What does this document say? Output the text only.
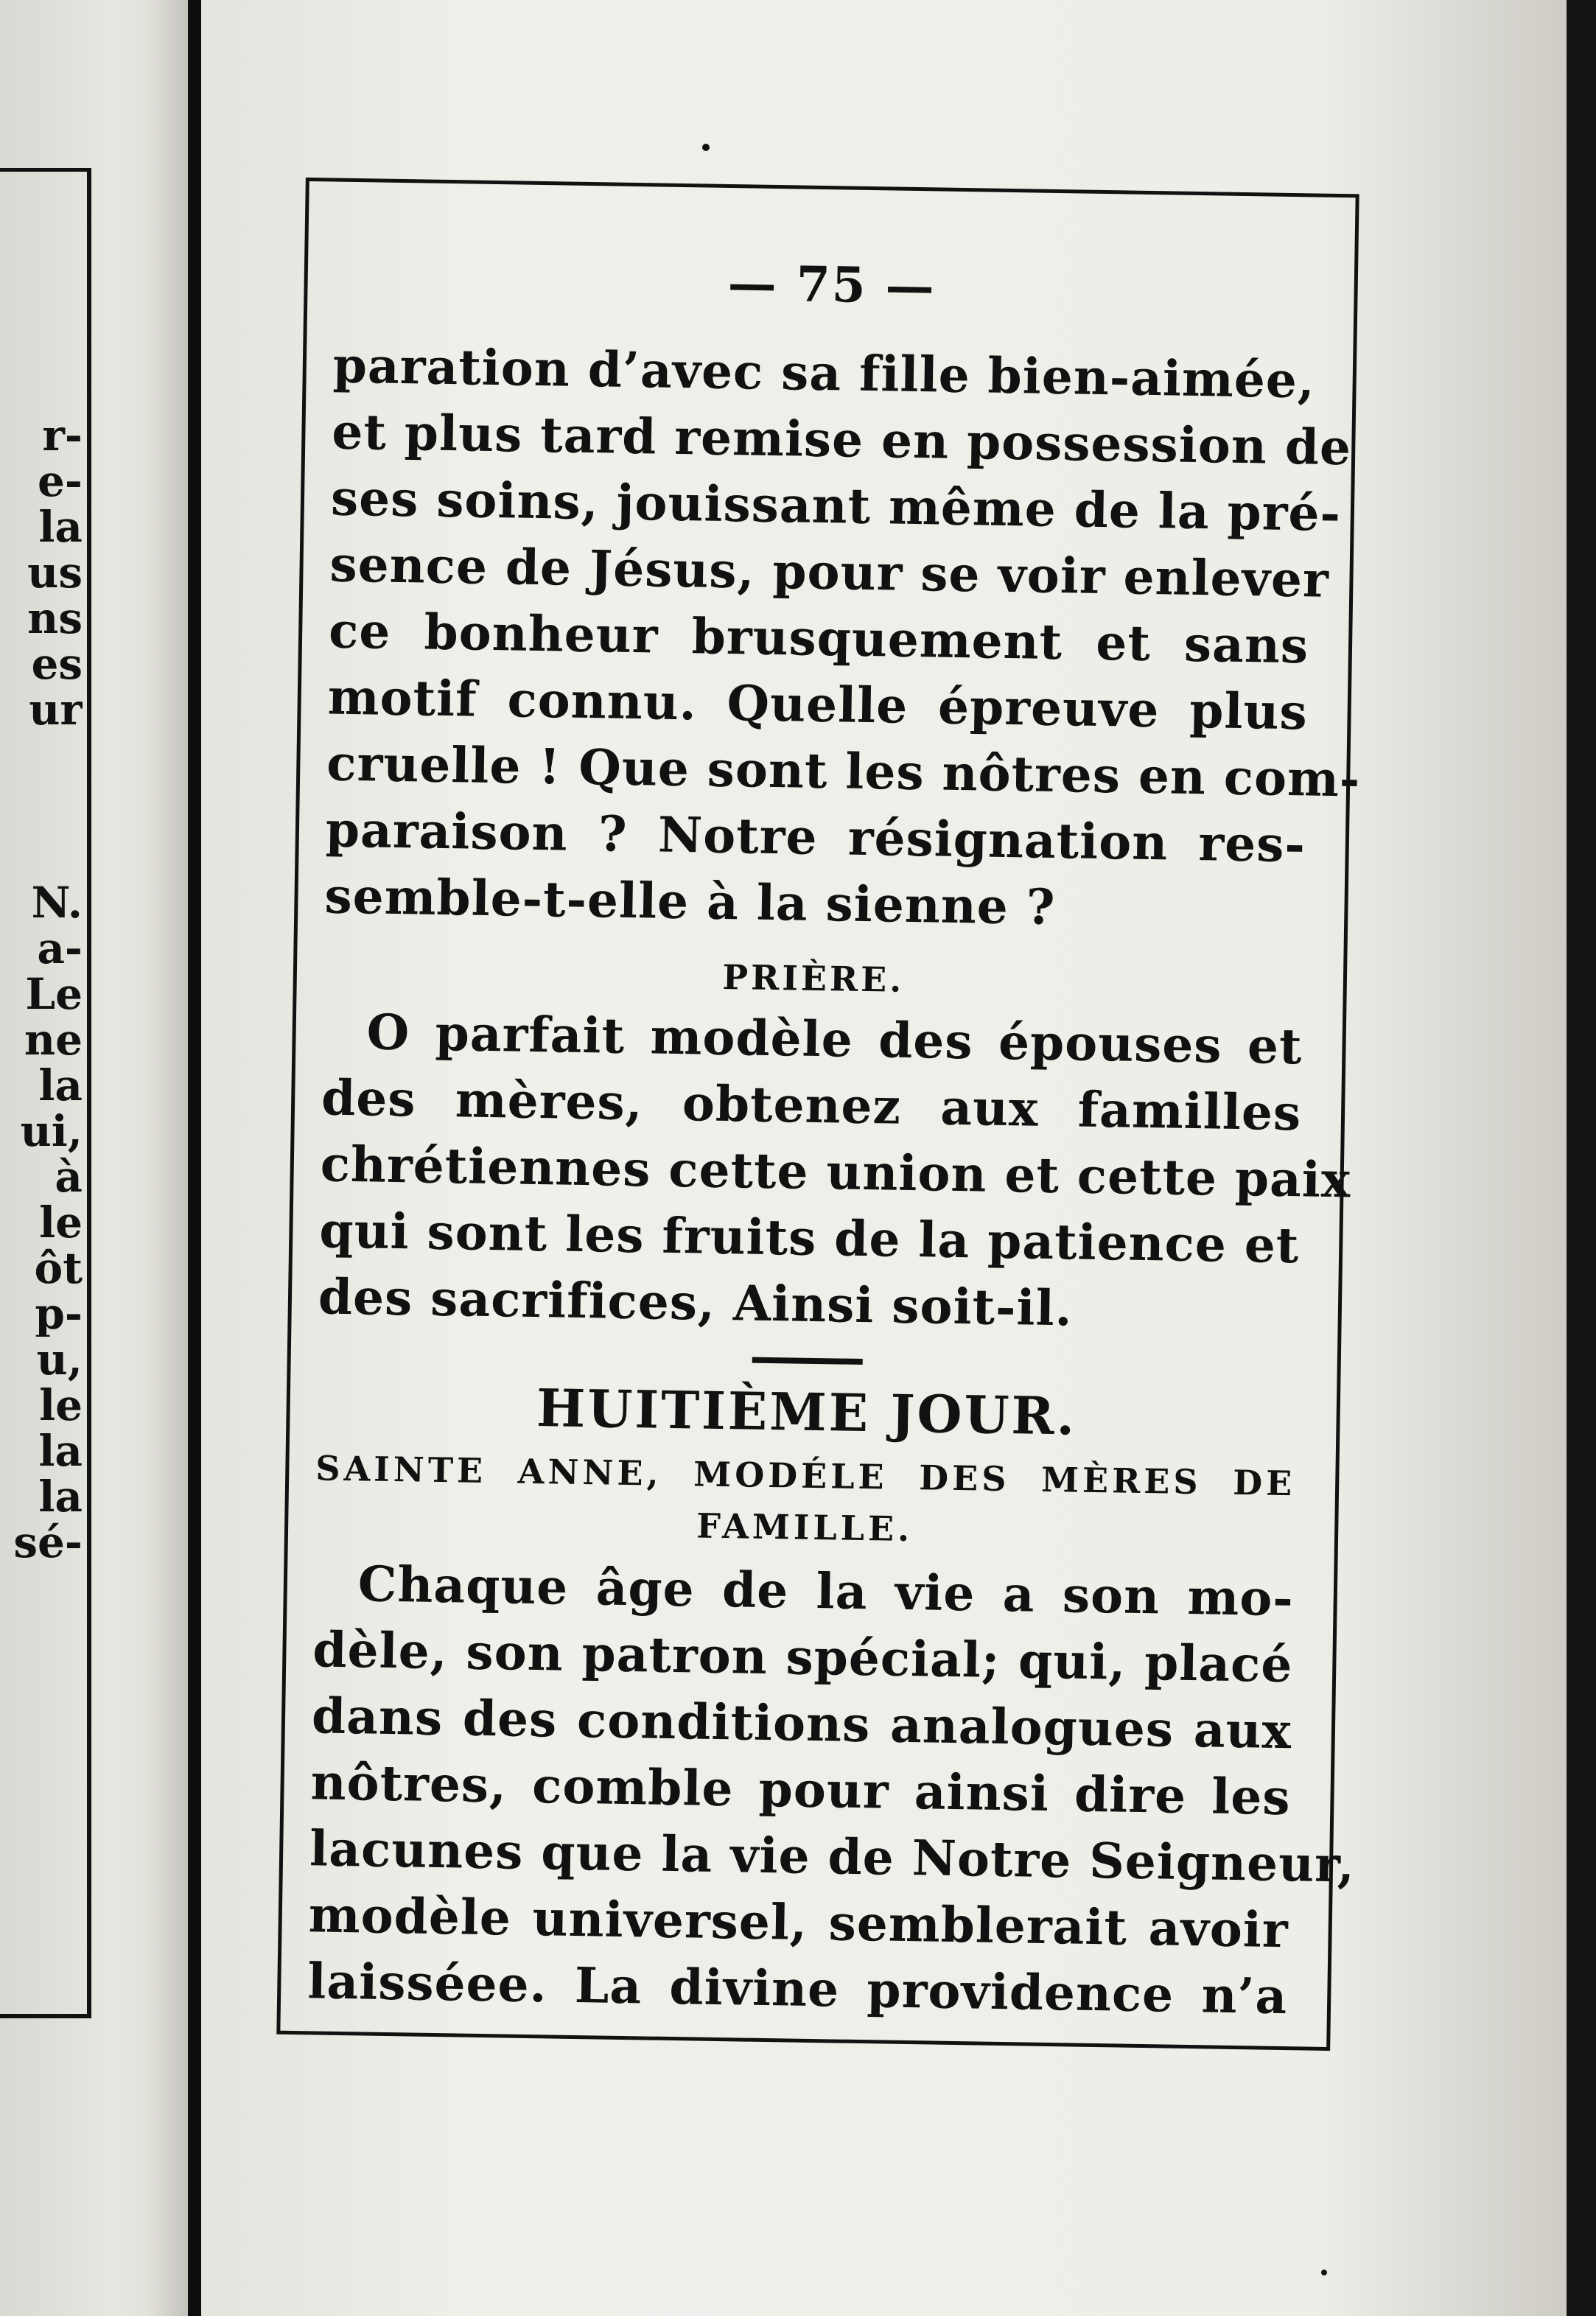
r-
e-
la
us
ns
es
ur
N.
a-
Le
ne
la
ui,
à
le
ôt
p-
u,
le
la
la
sé-
— 75 —
paration d’avec sa fille bien-aimée,
et plus tard remise en possession de
ses soins, jouissant même de la pré-
sence de Jésus, pour se voir enlever
ce bonheur brusquement et sans
motif connu. Quelle épreuve plus
cruelle ! Que sont les nôtres en com-
paraison ? Notre résignation res-
semble-t-elle à la sienne ?
PRIÈRE.
O parfait modèle des épouses et
des mères, obtenez aux familles
chrétiennes cette union et cette paix
qui sont les fruits de la patience et
des sacrifices, Ainsi soit-il.
HUITIÈME JOUR.
SAINTE ANNE, MODÉLE DES MÈRES DE
FAMILLE.
Chaque âge de la vie a son mo-
dèle, son patron spécial; qui, placé
dans des conditions analogues aux
nôtres, comble pour ainsi dire les
lacunes que la vie de Notre Seigneur,
modèle universel, semblerait avoir
laisséee. La divine providence n’a
